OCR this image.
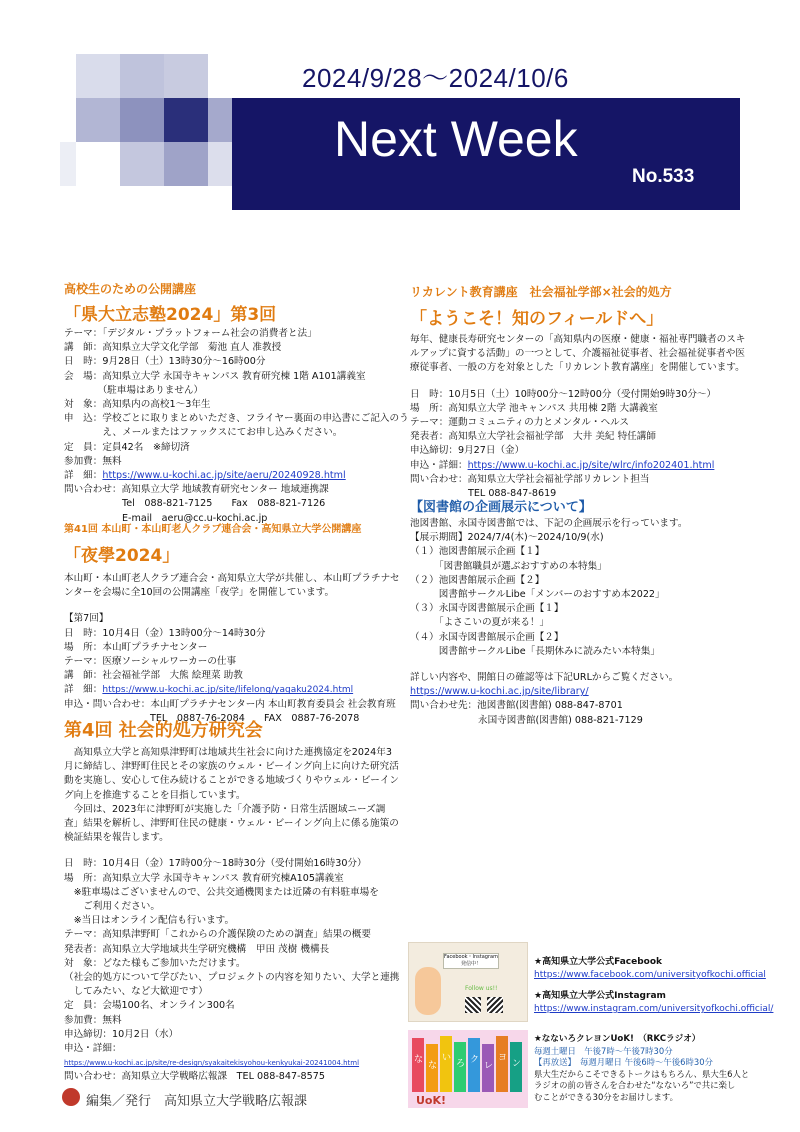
2024/9/28～2024/10/6
Next Week
No.533
高校生のための公開講座
「県大立志塾2024」第3回
テーマ：「デジタル・プラットフォーム社会の消費者と法」
講　師：高知県立大学文化学部　菊池 直人 准教授
日　時：9月28日（土）13時30分～16時00分
会　場：高知県立大学 永国寺キャンパス 教育研究棟 1階 A101講義室
　　　　（駐車場はありません）
対　象：高知県内の高校1～3年生
申　込：学校ごとに取りまとめいただき、フライヤー裏面の申込書にご記入のう
　　　　え、メールまたはファックスにてお申し込みください。
定　員：定員42名　※締切済
参加費：無料
詳　細：https://www.u-kochi.ac.jp/site/aeru/20240928.html
問い合わせ：高知県立大学 地域教育研究センター 地域連携課
Tel　088-821-7125　　Fax　088-821-7126
E-mail　aeru@cc.u-kochi.ac.jp
第41回 本山町・本山町老人クラブ連合会・高知県立大学公開講座
「夜學2024」
本山町・本山町老人クラブ連合会・高知県立大学が共催し、本山町プラチナセ
ンターを会場に全10回の公開講座「夜学」を開催しています。
【第7回】
日　時：10月4日（金）13時00分～14時30分
場　所：本山町プラチナセンター
テーマ：医療ソーシャルワーカーの仕事
講　師：社会福祉学部　大熊 絵理菜 助教
詳　細：https://www.u-kochi.ac.jp/site/lifelong/yagaku2024.html
申込・問い合わせ：本山町プラチナセンター内 本山町教育委員会 社会教育班
TEL　0887-76-2084　　FAX　0887-76-2078
第4回 社会的処方研究会
　高知県立大学と高知県津野町は地域共生社会に向けた連携協定を2024年3
月に締結し、津野町住民とその家族のウェル・ビーイング向上に向けた研究活
動を実施し、安心して住み続けることができる地域づくりやウェル・ビーイン
グ向上を推進することを目指しています。
　今回は、2023年に津野町が実施した「介護予防・日常生活圏域ニーズ調
査」結果を解析し、津野町住民の健康・ウェル・ビーイング向上に係る施策の
検証結果を報告します。
日　時：10月4日（金）17時00分～18時30分（受付開始16時30分）
場　所：高知県立大学 永国寺キャンパス 教育研究棟A105講義室
　※駐車場はございませんので、公共交通機関または近隣の有料駐車場を
　　ご利用ください。
　※当日はオンライン配信も行います。
テーマ：高知県津野町「これからの介護保険のための調査」結果の概要
発表者：高知県立大学地域共生学研究機構　甲田 茂樹 機構長
対　象：どなた様もご参加いただけます。
（社会的処方について学びたい、プロジェクトの内容を知りたい、大学と連携
　してみたい、など大歓迎です）
定　員：会場100名、オンライン300名
参加費：無料
申込締切：10月2日（水）
申込・詳細：
https://www.u-kochi.ac.jp/site/re-design/syakaitekisyohou-kenkyukai-20241004.html
問い合わせ：高知県立大学戦略広報課　TEL 088-847-8575
リカレント教育講座　社会福祉学部×社会的処方
「ようこそ！知のフィールドへ」
毎年、健康長寿研究センターの「高知県内の医療・健康・福祉専門職者のスキ
ルアップに資する活動」の一つとして、介護福祉従事者、社会福祉従事者や医
療従事者、一般の方を対象とした「リカレント教育講座」を開催しています。
日　時：10月5日（土）10時00分～12時00分（受付開始9時30分～）
場　所：高知県立大学 池キャンパス 共用棟 2階 大講義室
テーマ：運動コミュニティの力とメンタル・ヘルス
発表者：高知県立大学社会福祉学部　大井 美紀 特任講師
申込締切：9月27日（金）
申込・詳細：https://www.u-kochi.ac.jp/site/wlrc/info202401.html
問い合わせ：高知県立大学社会福祉学部リカレント担当
TEL 088-847-8619
【図書館の企画展示について】
池図書館、永国寺図書館では、下記の企画展示を行っています。
【展示期間】2024/7/4(木)～2024/10/9(水)
（１）池図書館展示企画【１】
　　　「図書館職員が選ぶおすすめの本特集」
（２）池図書館展示企画【２】
　　　図書館サークルLibe「メンバーのおすすめ本2022」
（３）永国寺図書館展示企画【１】
　　　「よさこいの夏が来る！」
（４）永国寺図書館展示企画【２】
　　　図書館サークルLibe「長期休みに読みたい本特集」
詳しい内容や、開館日の確認等は下記URLからご覧ください。
https://www.u-kochi.ac.jp/site/library/
問い合わせ先：池図書館(図書館) 088-847-8701
永国寺図書館(図書館) 088-821-7129
Facebook・Instagram
発信中！
Follow us!!
★高知県立大学公式Facebook
https://www.facebook.com/universityofkochi.official
★高知県立大学公式Instagram
https://www.instagram.com/universityofkochi.official/
な
な
い
ろ ク
レ
ヨ
ン
UoK!
★なないろクレヨンUoK!　（RKCラジオ）
毎週土曜日　午後7時～午後7時30分
【再放送】　毎週月曜日 午後6時～午後6時30分
県大生だからこそできるトークはもちろん、県大生6人と
ラジオの前の皆さんを合わせた“なないろ”で共に楽し
むことができる30分をお届けします。
編集／発行　高知県立大学戦略広報課
